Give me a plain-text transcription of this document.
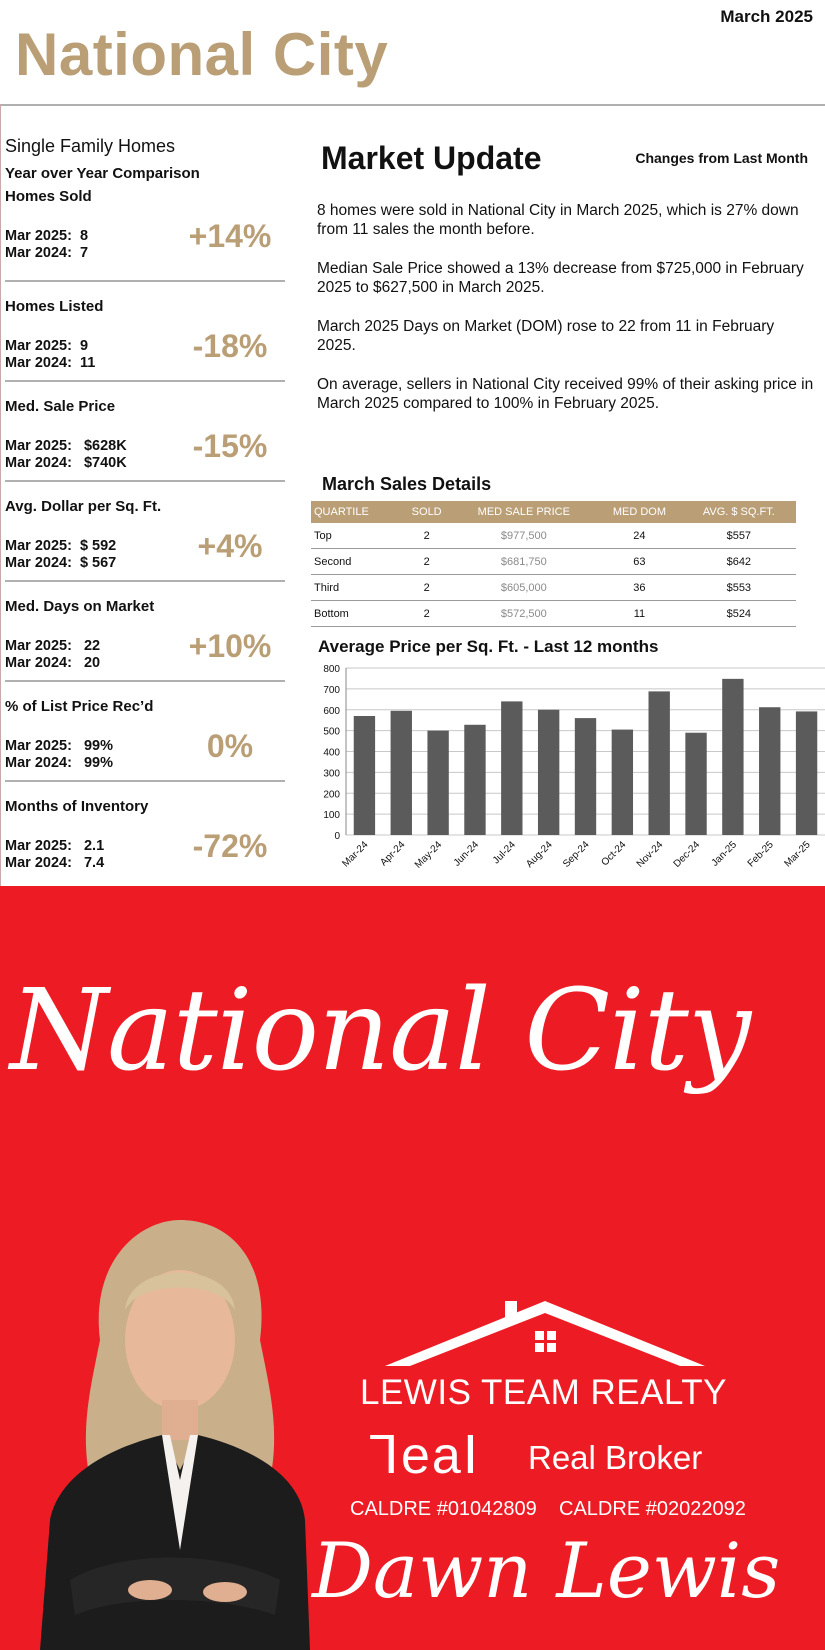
March 2025
National City
Single Family Homes
Year over Year Comparison
Homes Sold
Mar 2025:  8
Mar 2024:  7	+14%
Homes Listed
Mar 2025:  9
Mar 2024:  11	-18%
Med. Sale Price
Mar 2025:   $628K
Mar 2024:   $740K	-15%
Avg. Dollar per Sq. Ft.
Mar 2025:  $ 592
Mar 2024:  $ 567	+4%
Med. Days on Market
Mar 2025:   22
Mar 2024:   20	+10%
% of List Price Rec’d
Mar 2025:   99%
Mar 2024:   99%	0%
Months of Inventory
Mar 2025:   2.1
Mar 2024:   7.4	-72%
Market Update	Changes from Last Month

8 homes were sold in National City in March 2025, which is 27% down from 11 sales the month before.

Median Sale Price showed a 13% decrease from $725,000 in February 2025 to $627,500 in March 2025.

March 2025 Days on Market (DOM) rose to 22 from 11 in February 2025.

On average, sellers in National City received 99% of their asking price in March 2025 compared to 100% in February 2025.

March Sales Details
QUARTILE	SOLD	MED SALE PRICE	MED DOM	AVG. $ SQ.FT.
Top	2	$977,500	24	$557
Second	2	$681,750	63	$642
Third	2	$605,000	36	$553
Bottom	2	$572,500	11	$524
Average Price per Sq. Ft. - Last 12 months
0
100
200
300
400
500
600
700
800
Mar-24 Apr-24 May-24 Jun-24 Jul-24 Aug-24 Sep-24 Oct-24 Nov-24 Dec-24 Jan-25 Feb-25 Mar-25
National City
LEWIS TEAM REALTY
ꓶeaꓲ Real Broker
CALDRE #01042809    CALDRE #02022092
Dawn Lewis
